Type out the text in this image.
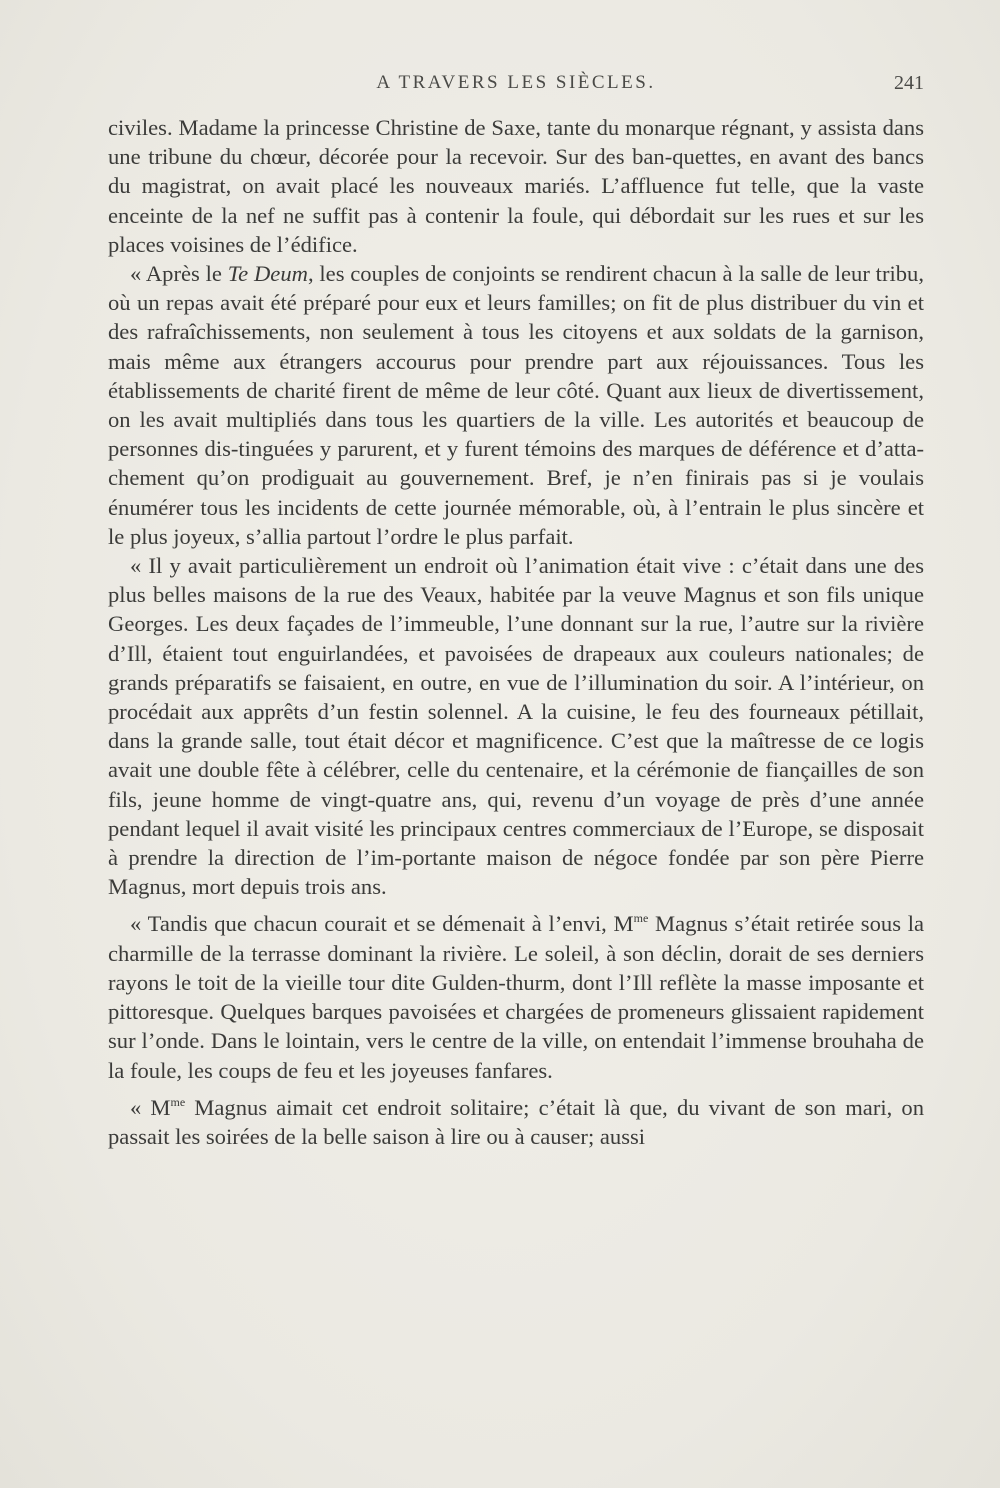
A TRAVERS LES SIÈCLES.	241

civiles. Madame la princesse Christine de Saxe, tante du monarque régnant, y assista dans une tribune du chœur, décorée pour la recevoir. Sur des ban-quettes, en avant des bancs du magistrat, on avait placé les nouveaux mariés. L’affluence fut telle, que la vaste enceinte de la nef ne suffit pas à contenir la foule, qui débordait sur les rues et sur les places voisines de l’édifice.

« Après le Te Deum, les couples de conjoints se rendirent chacun à la salle de leur tribu, où un repas avait été préparé pour eux et leurs familles; on fit de plus distribuer du vin et des rafraîchissements, non seulement à tous les citoyens et aux soldats de la garnison, mais même aux étrangers accourus pour prendre part aux réjouissances. Tous les établissements de charité firent de même de leur côté. Quant aux lieux de divertissement, on les avait multipliés dans tous les quartiers de la ville. Les autorités et beaucoup de personnes dis-tinguées y parurent, et y furent témoins des marques de déférence et d’atta-chement qu’on prodiguait au gouvernement. Bref, je n’en finirais pas si je voulais énumérer tous les incidents de cette journée mémorable, où, à l’entrain le plus sincère et le plus joyeux, s’allia partout l’ordre le plus parfait.

« Il y avait particulièrement un endroit où l’animation était vive : c’était dans une des plus belles maisons de la rue des Veaux, habitée par la veuve Magnus et son fils unique Georges. Les deux façades de l’immeuble, l’une donnant sur la rue, l’autre sur la rivière d’Ill, étaient tout enguirlandées, et pavoisées de drapeaux aux couleurs nationales; de grands préparatifs se faisaient, en outre, en vue de l’illumination du soir. A l’intérieur, on procédait aux apprêts d’un festin solennel. A la cuisine, le feu des fourneaux pétillait, dans la grande salle, tout était décor et magnificence. C’est que la maîtresse de ce logis avait une double fête à célébrer, celle du centenaire, et la cérémonie de fiançailles de son fils, jeune homme de vingt-quatre ans, qui, revenu d’un voyage de près d’une année pendant lequel il avait visité les principaux centres commerciaux de l’Europe, se disposait à prendre la direction de l’im-portante maison de négoce fondée par son père Pierre Magnus, mort depuis trois ans.

« Tandis que chacun courait et se démenait à l’envi, $M^{me}$ Magnus s’était retirée sous la charmille de la terrasse dominant la rivière. Le soleil, à son déclin, dorait de ses derniers rayons le toit de la vieille tour dite Gulden-thurm, dont l’Ill reflète la masse imposante et pittoresque. Quelques barques pavoisées et chargées de promeneurs glissaient rapidement sur l’onde. Dans le lointain, vers le centre de la ville, on entendait l’immense brouhaha de la foule, les coups de feu et les joyeuses fanfares.

« $M^{me}$ Magnus aimait cet endroit solitaire; c’était là que, du vivant de son mari, on passait les soirées de la belle saison à lire ou à causer; aussi
